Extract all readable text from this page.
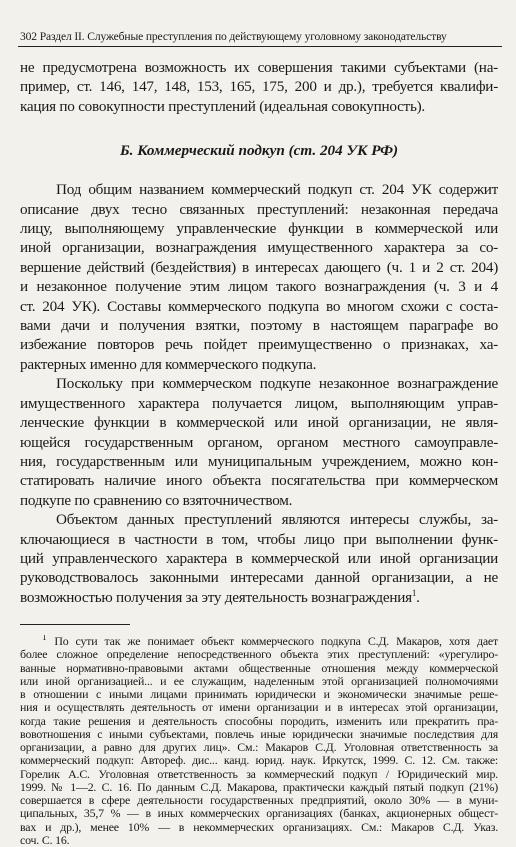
302 Раздел II. Служебные преступления по действующему уголовному законодательству
не предусмотрена возможность их совершения такими субъектами (на-
пример, ст. 146, 147, 148, 153, 165, 175, 200 и др.), требуется квалифи-
кация по совокупности преступлений (идеальная совокупность).
Б. Коммерческий подкуп (ст. 204 УК РФ)
Под общим названием коммерческий подкуп ст. 204 УК содержит
описание двух тесно связанных преступлений: незаконная передача
лицу, выполняющему управленческие функции в коммерческой или
иной организации, вознаграждения имущественного характера за со-
вершение действий (бездействия) в интересах дающего (ч. 1 и 2 ст. 204)
и незаконное получение этим лицом такого вознаграждения (ч. 3 и 4
ст. 204 УК). Составы коммерческого подкупа во многом схожи с соста-
вами дачи и получения взятки, поэтому в настоящем параграфе во
избежание повторов речь пойдет преимущественно о признаках, ха-
рактерных именно для коммерческого подкупа.
Поскольку при коммерческом подкупе незаконное вознаграждение
имущественного характера получается лицом, выполняющим управ-
ленческие функции в коммерческой или иной организации, не явля-
ющейся государственным органом, органом местного самоуправле-
ния, государственным или муниципальным учреждением, можно кон-
статировать наличие иного объекта посягательства при коммерческом
подкупе по сравнению со взяточничеством.
Объектом данных преступлений являются интересы службы, за-
ключающиеся в частности в том, чтобы лицо при выполнении функ-
ций управленческого характера в коммерческой или иной организации
руководствовалось законными интересами данной организации, а не
возможностью получения за эту деятельность вознаграждения$^1$.
$^1$ По сути так же понимает объект коммерческого подкупа С.Д. Макаров, хотя дает
более сложное определение непосредственного объекта этих преступлений: «урегулиро-
ванные нормативно-правовыми актами общественные отношения между коммерческой
или иной организацией... и ее служащим, наделенным этой организацией полномочиями
в отношении с иными лицами принимать юридически и экономически значимые реше-
ния и осуществлять деятельность от имени организации и в интересах этой организации,
когда такие решения и деятельность способны породить, изменить или прекратить пра-
вовотношения с иными субъектами, повлечь иные юридически значимые последствия для
организации, а равно для других лиц». См.: Макаров С.Д. Уголовная ответственность за
коммерческий подкуп: Автореф. дис... канд. юрид. наук. Иркутск, 1999. С. 12. См. также:
Горелик А.С. Уголовная ответственность за коммерческий подкуп / Юридический мир.
1999. № 1—2. С. 16. По данным С.Д. Макарова, практически каждый пятый подкуп (21%)
совершается в сфере деятельности государственных предприятий, около 30% — в муни-
ципальных, 35,7 % — в иных коммерческих организациях (банках, акционерных общест-
вах и др.), менее 10% — в некоммерческих организациях. См.: Макаров С.Д. Указ.
соч. С. 16.
